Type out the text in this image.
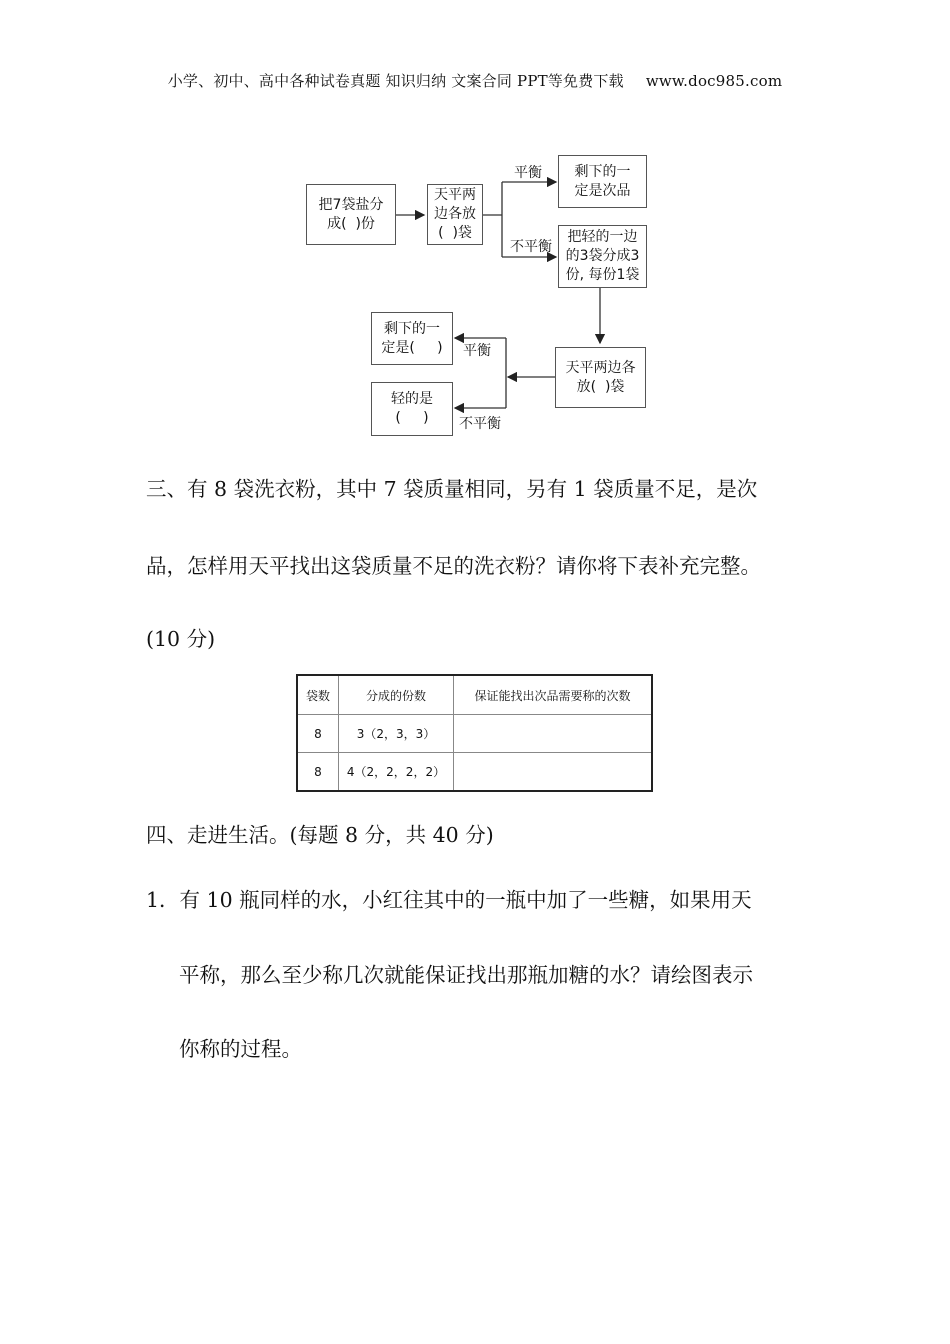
小学、初中、高中各种试卷真题 知识归纳 文案合同 PPT等免费下载 www.doc985.com
把7袋盐分
成(  )份
天平两
边各放
(  )袋
平衡
不平衡
剩下的一
定是次品
把轻的一边
的3袋分成3
份, 每份1袋
天平两边各
放(  )袋
平衡
不平衡
剩下的一
定是(     )
轻的是
(     )
三、有 8 袋洗衣粉，其中 7 袋质量相同，另有 1 袋质量不足，是次
品，怎样用天平找出这袋质量不足的洗衣粉？请你将下表补充完整。
(10 分)
袋数	分成的份数	保证能找出次品需要称的次数
8	3（2，3，3）	
8	4（2，2，2，2）	
四、走进生活。(每题 8 分，共 40 分)
1．有 10 瓶同样的水，小红往其中的一瓶中加了一些糖，如果用天
平称，那么至少称几次就能保证找出那瓶加糖的水？请绘图表示
你称的过程。
